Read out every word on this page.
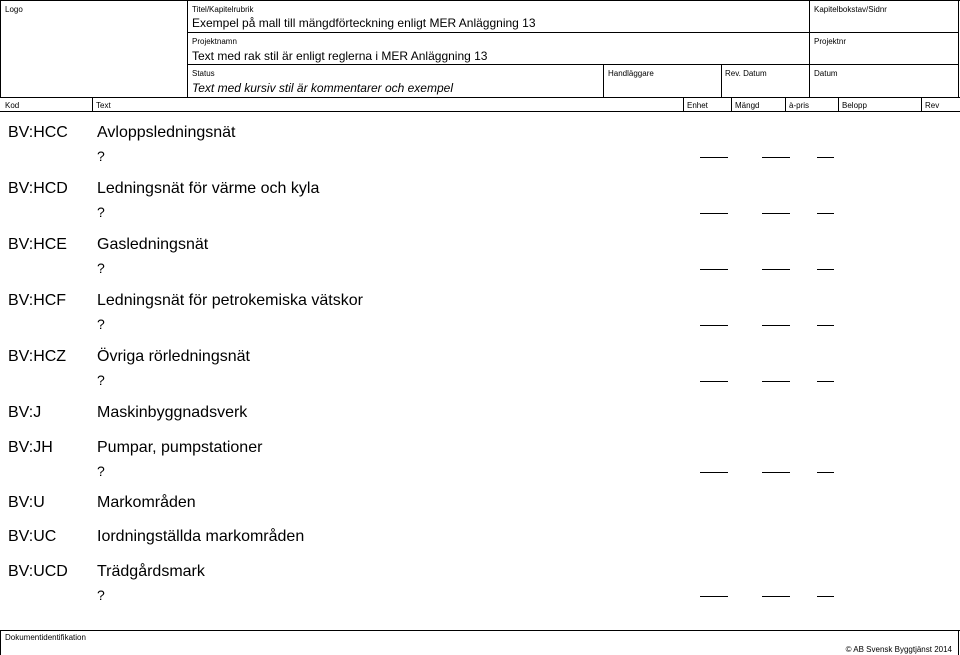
Logo	Titel/Kapitelrubrik
Exempel på mall till mängdförteckning enligt MER Anläggning 13
Kapitelbokstav/Sidnr
Projektnamn
Text med rak stil är enligt reglerna i MER Anläggning 13
Projektnr
Status
Text med kursiv stil är kommentarer och exempel
Handläggare	Rev. Datum	Datum
Kod	Text	Enhet	Mängd	à-pris	Belopp	Rev
BV:HCC Avloppsledningsnät
?
BV:HCD Ledningsnät för värme och kyla
?
BV:HCE Gasledningsnät
?
BV:HCF Ledningsnät för petrokemiska vätskor
?
BV:HCZ Övriga rörledningsnät
?
BV:J	Maskinbyggnadsverk
BV:JH	Pumpar, pumpstationer
?
BV:U	Markområden
BV:UC	Iordningställda markområden
BV:UCD Trädgårdsmark
?
Dokumentidentifikation
© AB Svensk Byggtjänst 2014
